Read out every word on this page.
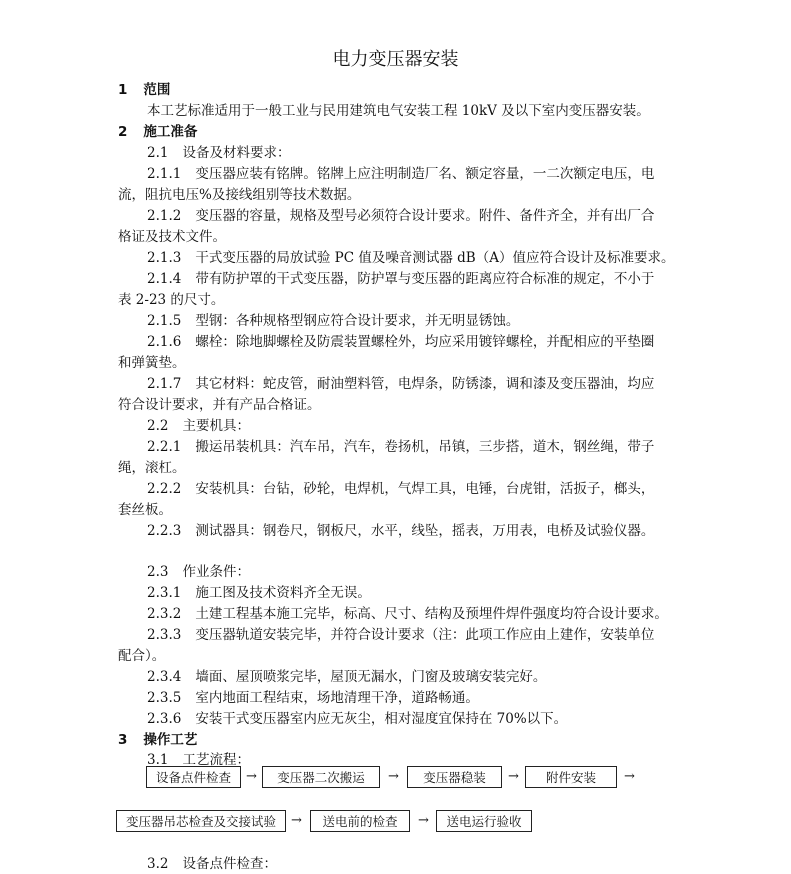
电力变压器安装
1 范围
本工艺标准适用于一般工业与民用建筑电气安装工程 10kV 及以下室内变压器安装。
2 施工准备
2.1 设备及材料要求：
2.1.1 变压器应装有铭牌。铭牌上应注明制造厂名、额定容量，一二次额定电压，电
流，阻抗电压%及接线组别等技术数据。
2.1.2 变压器的容量，规格及型号必须符合设计要求。附件、备件齐全，并有出厂合
格证及技术文件。
2.1.3 干式变压器的局放试验 PC 值及噪音测试器 dB（A）值应符合设计及标准要求。
2.1.4 带有防护罩的干式变压器，防护罩与变压器的距离应符合标准的规定，不小于
表 2-23 的尺寸。
2.1.5 型钢：各种规格型钢应符合设计要求，并无明显锈蚀。
2.1.6 螺栓：除地脚螺栓及防震装置螺栓外，均应采用镀锌螺栓，并配相应的平垫圈
和弹簧垫。
2.1.7 其它材料：蛇皮管，耐油塑料管，电焊条，防锈漆，调和漆及变压器油，均应
符合设计要求，并有产品合格证。
2.2 主要机具：
2.2.1 搬运吊装机具：汽车吊，汽车，卷扬机，吊镇，三步搭，道木，钢丝绳，带子
绳，滚杠。
2.2.2 安装机具：台钻，砂轮，电焊机，气焊工具，电锤，台虎钳，活扳子，榔头，
套丝板。
2.2.3 测试器具：钢卷尺，钢板尺，水平，线坠，摇表，万用表，电桥及试验仪器。
2.3 作业条件：
2.3.1 施工图及技术资料齐全无误。
2.3.2 土建工程基本施工完毕，标高、尺寸、结构及预埋件焊件强度均符合设计要求。
2.3.3 变压器轨道安装完毕，并符合设计要求（注：此项工作应由上建作，安装单位
配合）。
2.3.4 墙面、屋顶喷浆完毕，屋顶无漏水，门窗及玻璃安装完好。
2.3.5 室内地面工程结束，场地清理干净，道路畅通。
2.3.6 安装干式变压器室内应无灰尘，相对湿度宜保持在 70%以下。
3 操作工艺
3.1 工艺流程：
设备点件检查	→	变压器二次搬运	→	变压器稳装	→	附件安装	→
变压器吊芯检查及交接试验	→	送电前的检查	→	送电运行验收
3.2 设备点件检查：
